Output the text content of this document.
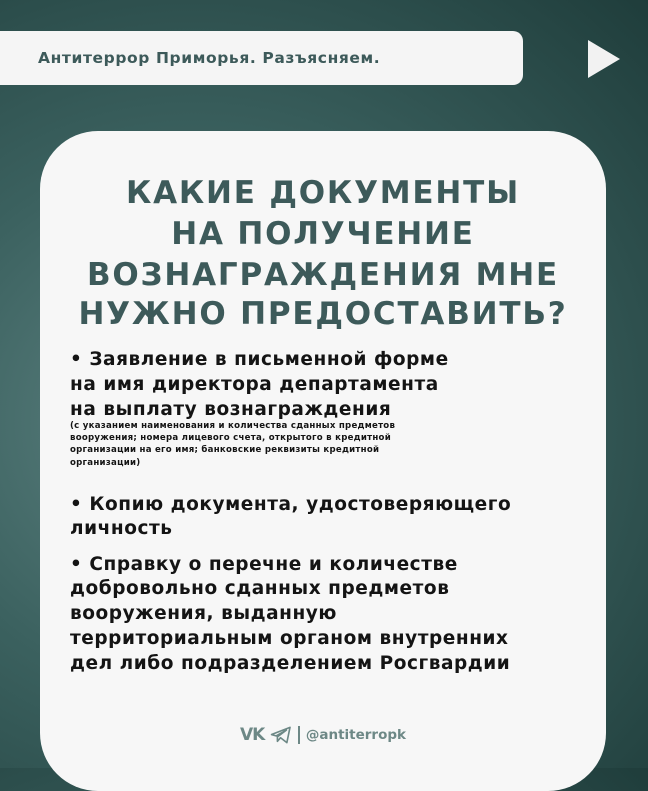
Антитеррор Приморья. Разъясняем.
КАКИЕ ДОКУМЕНТЫ
НА ПОЛУЧЕНИЕ
ВОЗНАГРАЖДЕНИЯ МНЕ
НУЖНО ПРЕДОСТАВИТЬ?
• Заявление в письменной форме
на имя директора департамента
на выплату вознаграждения
(с указанием наименования и количества сданных предметов
вооружения; номера лицевого счета, открытого в кредитной
организации на его имя; банковские реквизиты кредитной
организации)
• Копию документа, удостоверяющего
личность
• Справку о перечне и количестве
добровольно сданных предметов
вооружения, выданную
территориальным органом внутренних
дел либо подразделением Росгвардии
VK	@antiterropk
